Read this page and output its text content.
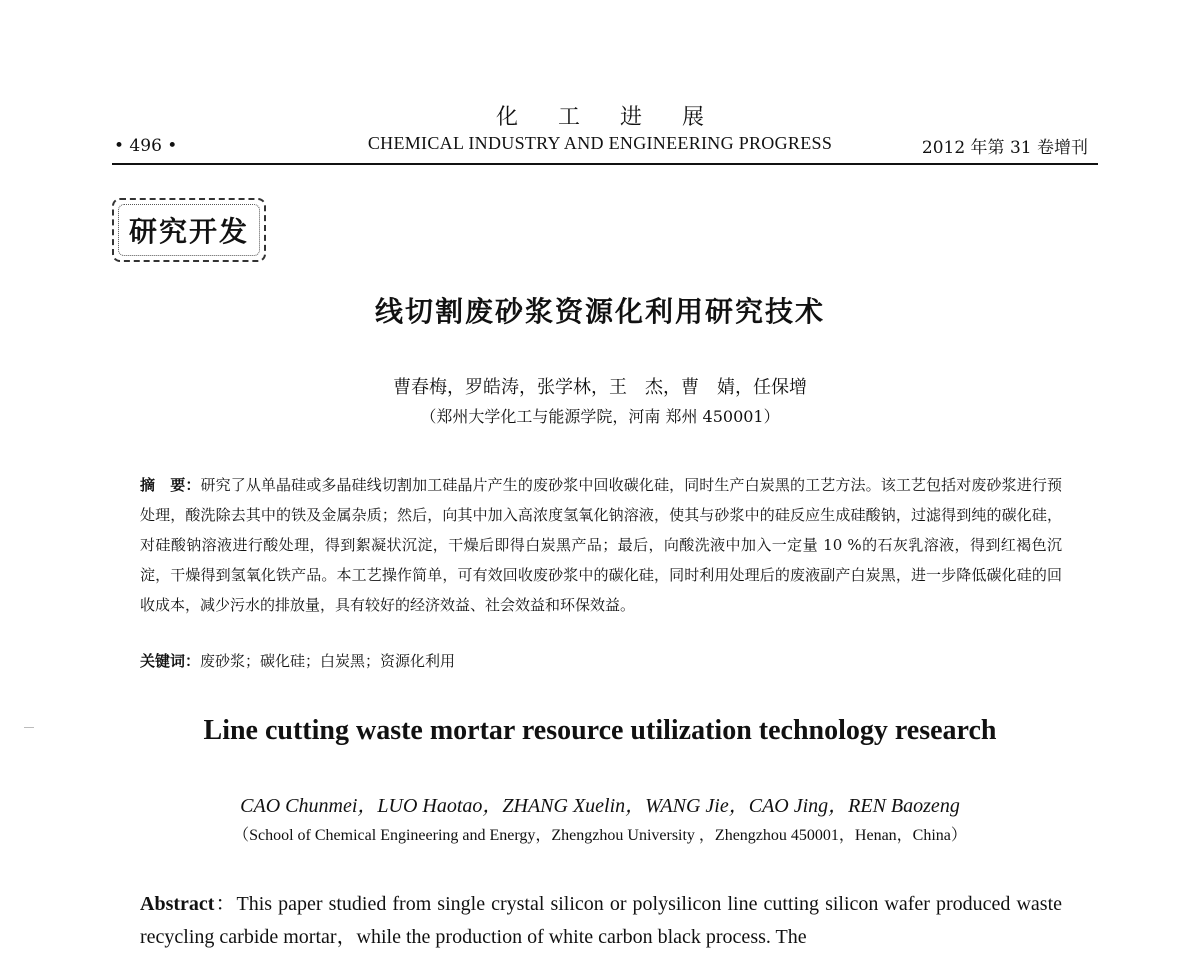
化工进展
• 496 •	CHEMICAL INDUSTRY AND ENGINEERING PROGRESS	2012 年第 31 卷增刊
研究开发
线切割废砂浆资源化利用研究技术
曹春梅，罗皓涛，张学林，王　杰，曹　婧，任保增
（郑州大学化工与能源学院，河南 郑州 450001）
摘　要：研究了从单晶硅或多晶硅线切割加工硅晶片产生的废砂浆中回收碳化硅，同时生产白炭黑的工艺方法。该工艺包括对废砂浆进行预处理，酸洗除去其中的铁及金属杂质；然后，向其中加入高浓度氢氧化钠溶液，使其与砂浆中的硅反应生成硅酸钠，过滤得到纯的碳化硅，对硅酸钠溶液进行酸处理，得到絮凝状沉淀，干燥后即得白炭黑产品；最后，向酸洗液中加入一定量 10 %的石灰乳溶液，得到红褐色沉淀，干燥得到氢氧化铁产品。本工艺操作简单，可有效回收废砂浆中的碳化硅，同时利用处理后的废液副产白炭黑，进一步降低碳化硅的回收成本，减少污水的排放量，具有较好的经济效益、社会效益和环保效益。
关键词：废砂浆；碳化硅；白炭黑；资源化利用
Line cutting waste mortar resource utilization technology research
CAO Chunmei，LUO Haotao，ZHANG Xuelin，WANG Jie，CAO Jing，REN Baozeng
（School of Chemical Engineering and Energy，Zhengzhou University ，Zhengzhou 450001，Henan，China）
Abstract：This paper studied from single crystal silicon or polysilicon line cutting silicon wafer produced waste recycling carbide mortar，while the production of white carbon black process. The
